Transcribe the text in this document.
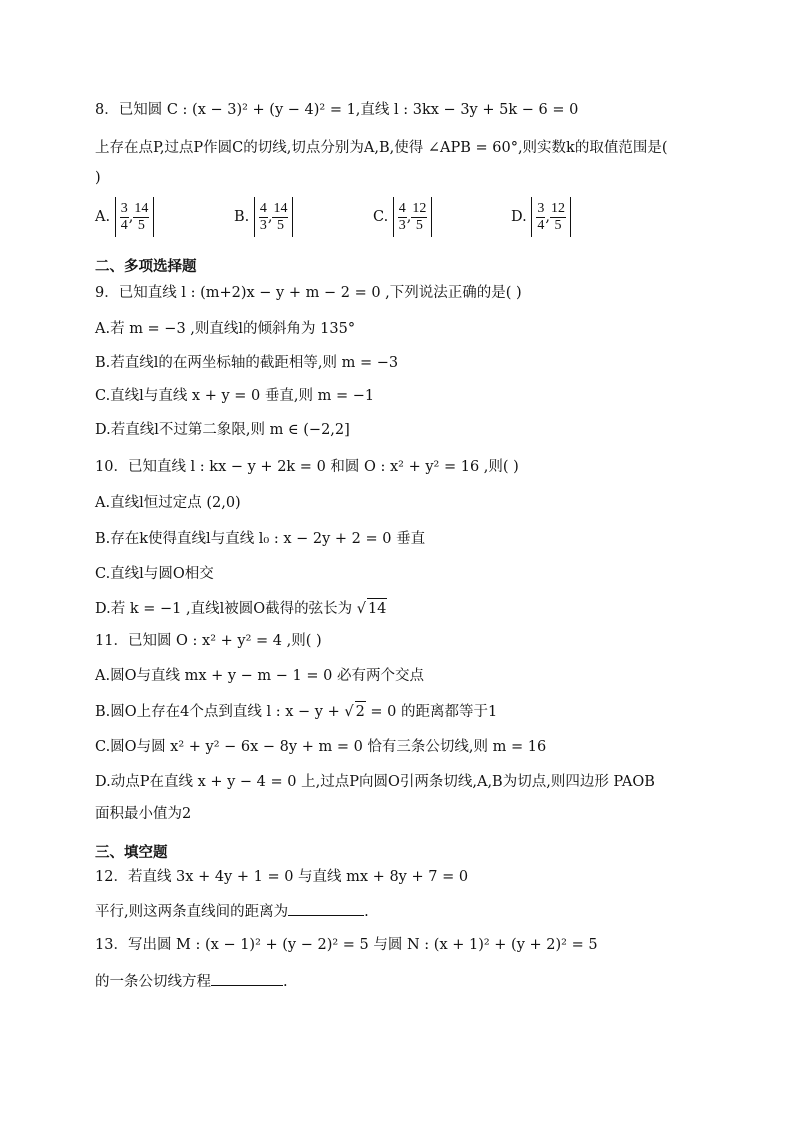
8．已知圆 C : (x − 3)² + (y − 4)² = 1,直线 l : 3kx − 3y + 5k − 6 = 0
上存在点P,过点P作圆C的切线,切点分别为A,B,使得 ∠APB = 60°,则实数k的取值范围是(
)
A. $\frac{3}{4}$ , $\frac{14}{5}$	B. $\frac{4}{3}$ , $\frac{14}{5}$	C. $\frac{4}{3}$ , $\frac{12}{5}$	D. $\frac{3}{4}$ , $\frac{12}{5}$
二、多项选择题
9．已知直线 l : (m+2)x − y + m − 2 = 0 ,下列说法正确的是( )
A.若 m = −3 ,则直线l的倾斜角为 135°
B.若直线l的在两坐标轴的截距相等,则 m = −3
C.直线l与直线 x + y = 0 垂直,则 m = −1
D.若直线l不过第二象限,则 m ∈ (−2,2]
10．已知直线 l : kx − y + 2k = 0 和圆 O : x² + y² = 16 ,则( )
A.直线l恒过定点 (2,0)
B.存在k使得直线l与直线 l₀ : x − 2y + 2 = 0 垂直
C.直线l与圆O相交
D.若 k = −1 ,直线l被圆O截得的弦长为 √ 14
11．已知圆 O : x² + y² = 4 ,则( )
A.圆O与直线 mx + y − m − 1 = 0 必有两个交点
B.圆O上存在4个点到直线 l : x − y + √ 2 = 0 的距离都等于1
C.圆O与圆 x² + y² − 6x − 8y + m = 0 恰有三条公切线,则 m = 16
D.动点P在直线 x + y − 4 = 0 上,过点P向圆O引两条切线,A,B为切点,则四边形 PAOB
面积最小值为2
三、填空题
12．若直线 3x + 4y + 1 = 0 与直线 mx + 8y + 7 = 0
平行,则这两条直线间的距离为	.
13．写出圆 M : (x − 1)² + (y − 2)² = 5 与圆 N : (x + 1)² + (y + 2)² = 5
的一条公切线方程	.
